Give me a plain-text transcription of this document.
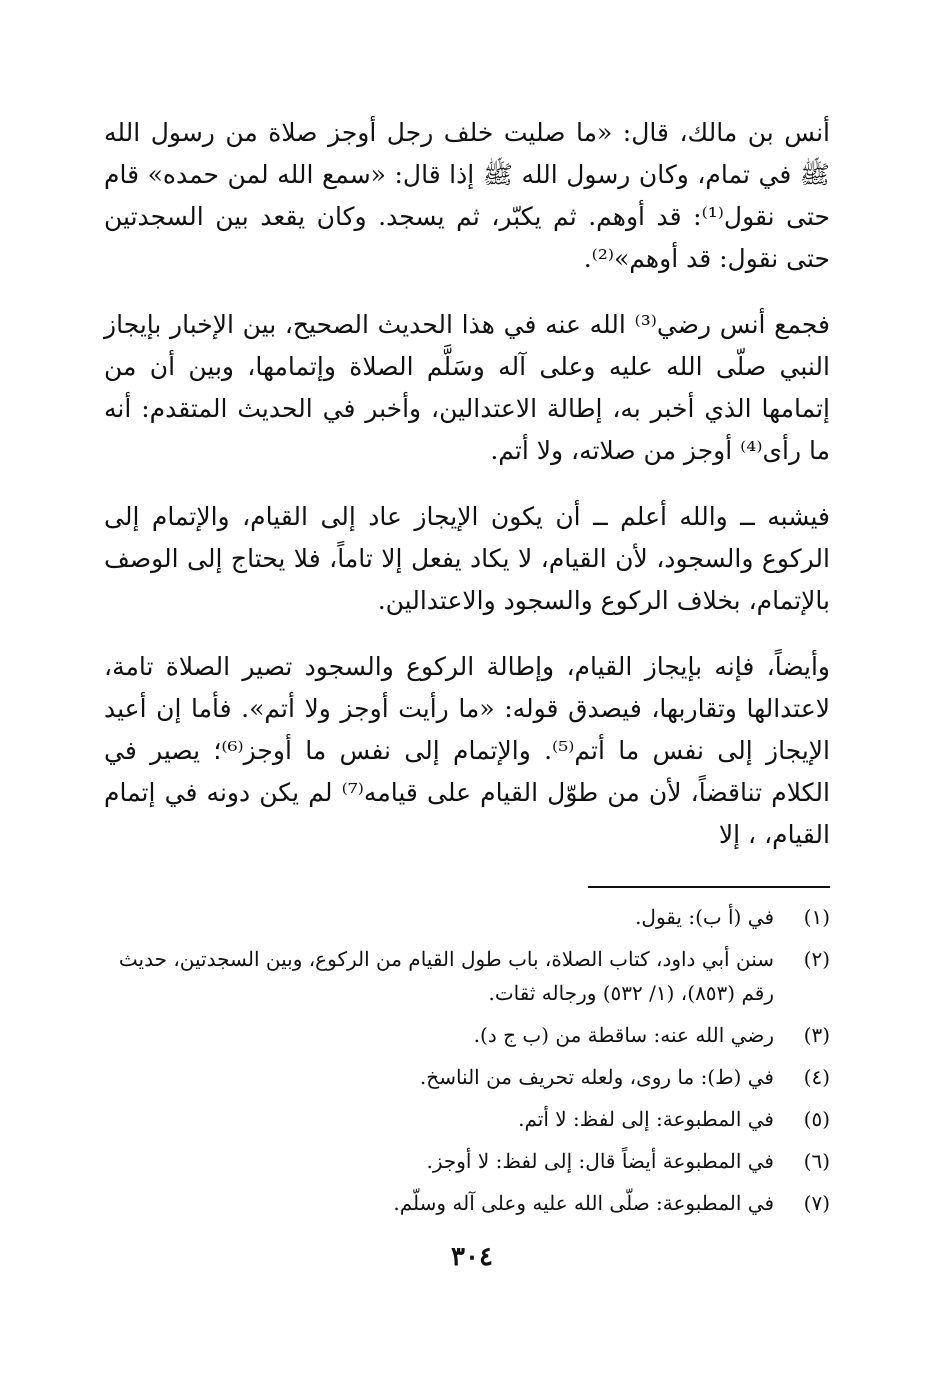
أنس بن مالك، قال: «ما صليت خلف رجل أوجز صلاة من رسول الله ﷺ في تمام، وكان رسول الله ﷺ إذا قال: «سمع الله لمن حمده» قام حتى نقول⁽¹⁾: قد أوهم. ثم يكبّر، ثم يسجد. وكان يقعد بين السجدتين حتى نقول: قد أوهم»⁽²⁾.

فجمع أنس رضي⁽³⁾ الله عنه في هذا الحديث الصحيح، بين الإخبار بإيجاز النبي صلّى الله عليه وعلى آله وسَلَّم الصلاة وإتمامها، وبين أن من إتمامها الذي أخبر به، إطالة الاعتدالين، وأخبر في الحديث المتقدم: أنه ما رأى⁽⁴⁾ أوجز من صلاته، ولا أتم.

فيشبه ــ والله أعلم ــ أن يكون الإيجاز عاد إلى القيام، والإتمام إلى الركوع والسجود، لأن القيام، لا يكاد يفعل إلا تاماً، فلا يحتاج إلى الوصف بالإتمام، بخلاف الركوع والسجود والاعتدالين.

وأيضاً، فإنه بإيجاز القيام، وإطالة الركوع والسجود تصير الصلاة تامة، لاعتدالها وتقاربها، فيصدق قوله: «ما رأيت أوجز ولا أتم». فأما إن أعيد الإيجاز إلى نفس ما أتم⁽⁵⁾. والإتمام إلى نفس ما أوجز⁽⁶⁾؛ يصير في الكلام تناقضاً، لأن من طوّل القيام على قيامه⁽⁷⁾ لم يكن دونه في إتمام القيام، ، إلا

(١)
في (أ ب): يقول.
(٢)
سنن أبي داود، كتاب الصلاة، باب طول القيام من الركوع، وبين السجدتين، حديث رقم (٨٥٣)، (١/ ٥٣٢) ورجاله ثقات.
(٣)
رضي الله عنه: ساقطة من (ب ج د).
(٤)
في (ط): ما روى، ولعله تحريف من الناسخ.
(٥)
في المطبوعة: إلى لفظ: لا أتم.
(٦)
في المطبوعة أيضاً قال: إلى لفظ: لا أوجز.
(٧)
في المطبوعة: صلّى الله عليه وعلى آله وسلّم.
٣٠٤
